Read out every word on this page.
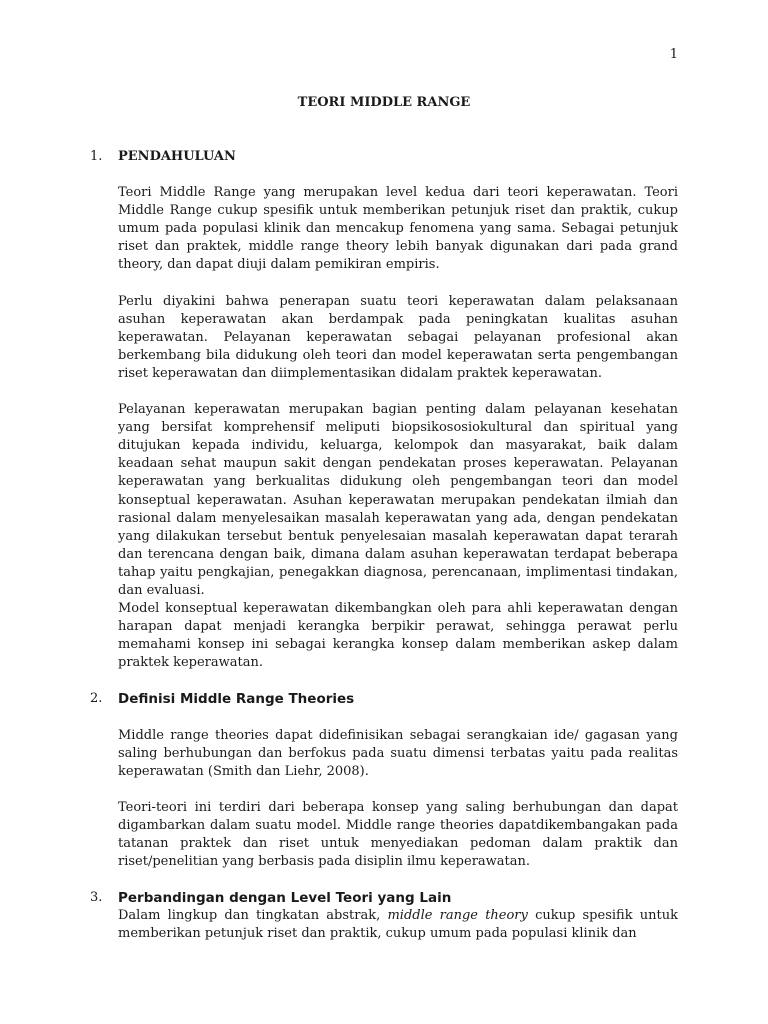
1
TEORI MIDDLE RANGE
1.	PENDAHULUAN

Teori Middle Range yang merupakan level kedua dari teori keperawatan. Teori Middle Range cukup spesifik untuk memberikan petunjuk riset dan praktik, cukup umum pada populasi klinik dan mencakup fenomena yang sama. Sebagai petunjuk riset dan praktek, middle range theory lebih banyak digunakan dari pada grand theory, dan dapat diuji dalam pemikiran empiris.

Perlu diyakini bahwa penerapan suatu teori keperawatan dalam pelaksanaan asuhan keperawatan akan berdampak pada peningkatan kualitas asuhan keperawatan. Pelayanan keperawatan sebagai pelayanan profesional akan berkembang bila didukung oleh teori dan model keperawatan serta pengembangan riset keperawatan dan diimplementasikan didalam praktek keperawatan.

Pelayanan keperawatan merupakan bagian penting dalam pelayanan kesehatan yang bersifat komprehensif meliputi biopsikososiokultural dan spiritual yang ditujukan kepada individu, keluarga, kelompok dan masyarakat, baik dalam keadaan sehat maupun sakit dengan pendekatan proses keperawatan. Pelayanan keperawatan yang berkualitas didukung oleh pengembangan teori dan model konseptual keperawatan. Asuhan keperawatan merupakan pendekatan ilmiah dan rasional dalam menyelesaikan masalah keperawatan yang ada, dengan pendekatan yang dilakukan tersebut bentuk penyelesaian masalah keperawatan dapat terarah dan terencana dengan baik, dimana dalam asuhan keperawatan terdapat beberapa tahap yaitu pengkajian, penegakkan diagnosa, perencanaan, implimentasi tindakan, dan evaluasi.

Model konseptual keperawatan dikembangkan oleh para ahli keperawatan dengan harapan dapat menjadi kerangka berpikir perawat, sehingga perawat perlu memahami konsep ini sebagai kerangka konsep dalam memberikan askep dalam praktek keperawatan.

2.	Definisi Middle Range Theories

Middle range theories dapat didefinisikan sebagai serangkaian ide/ gagasan yang saling berhubungan dan berfokus pada suatu dimensi terbatas yaitu pada realitas keperawatan (Smith dan Liehr, 2008).

Teori-teori ini terdiri dari beberapa konsep yang saling berhubungan dan dapat digambarkan dalam suatu model. Middle range theories dapatdikembangakan pada tatanan praktek dan riset untuk menyediakan pedoman dalam praktik dan riset/penelitian yang berbasis pada disiplin ilmu keperawatan.

3.	Perbandingan dengan Level Teori yang Lain

Dalam lingkup dan tingkatan abstrak, middle range theory cukup spesifik untuk memberikan petunjuk riset dan praktik, cukup umum pada populasi klinik dan
